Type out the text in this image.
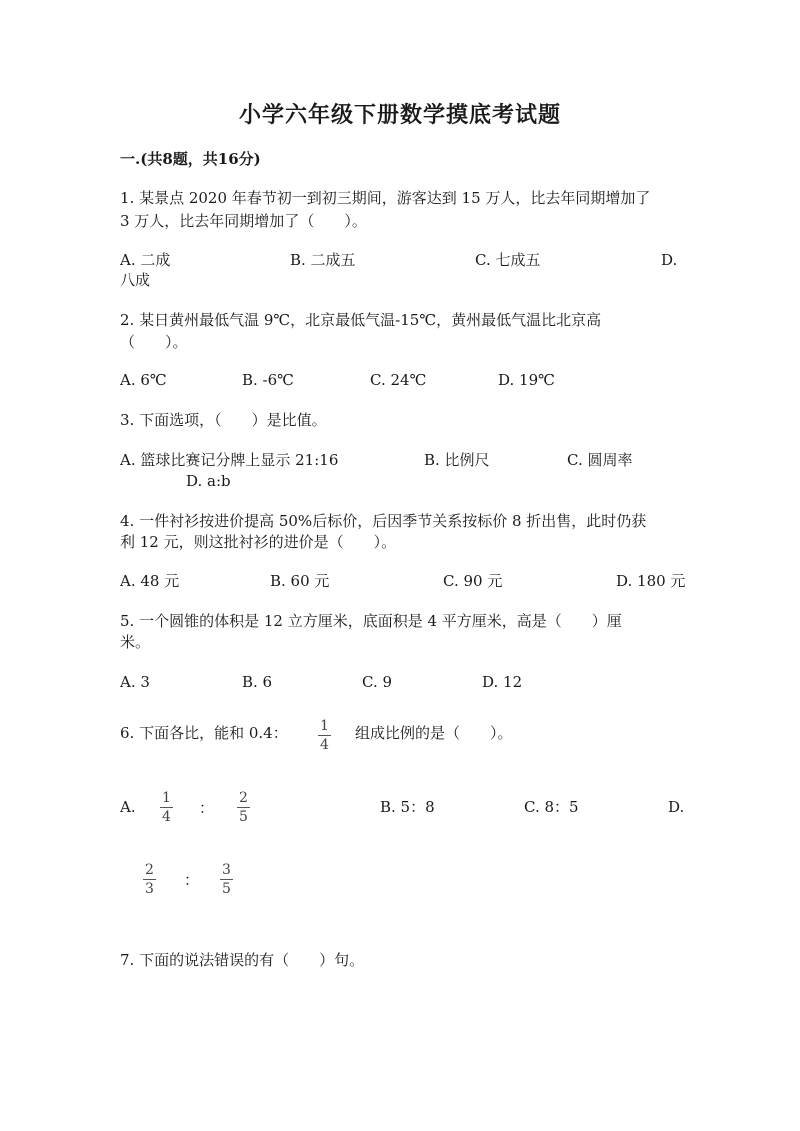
小学六年级下册数学摸底考试题
一.(共8题，共16分)
1. 某景点 2020 年春节初一到初三期间，游客达到 15 万人，比去年同期增加了
3 万人，比去年同期增加了（　　）。
A. 二成	B. 二成五	C. 七成五	D.
八成
2. 某日黄州最低气温 9℃，北京最低气温-15℃，黄州最低气温比北京高
（　　）。
A. 6℃	B. -6℃	C. 24℃	D. 19℃
3. 下面选项，（　　）是比值。
A. 篮球比赛记分牌上显示 21:16	B. 比例尺	C. 圆周率
D. a:b
4. 一件衬衫按进价提高 50%后标价，后因季节关系按标价 8 折出售，此时仍获
利 12 元，则这批衬衫的进价是（　　）。
A. 48 元	B. 60 元	C. 90 元	D. 180 元
5. 一个圆锥的体积是 12 立方厘米，底面积是 4 平方厘米，高是（　　）厘
米。
A. 3	B. 6	C. 9	D. 12
6. 下面各比，能和 0.4： $\frac{1}{4}$ 组成比例的是（　　）。
A. $\frac{1}{4}$ ： $\frac{2}{5}$	B. 5：8	C. 8：5	D.
$\frac{2}{3}$ ： $\frac{3}{5}$
7. 下面的说法错误的有（　　）句。
